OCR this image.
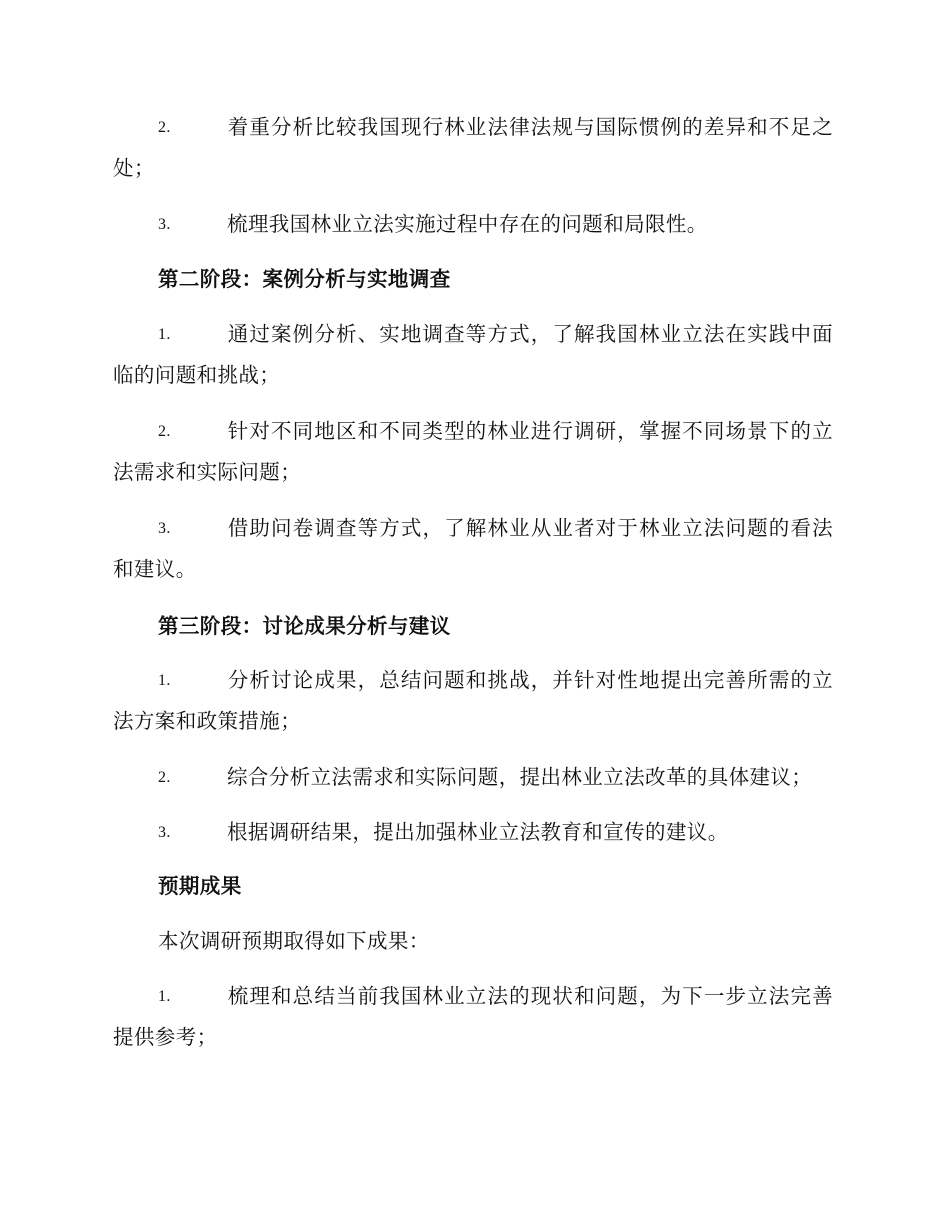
2.	着重分析比较我国现行林业法律法规与国际惯例的差异和不足之处；
3.	梳理我国林业立法实施过程中存在的问题和局限性。
第二阶段：案例分析与实地调查
1.	通过案例分析、实地调查等方式，了解我国林业立法在实践中面临的问题和挑战；
2.	针对不同地区和不同类型的林业进行调研，掌握不同场景下的立法需求和实际问题；
3.	借助问卷调查等方式，了解林业从业者对于林业立法问题的看法和建议。
第三阶段：讨论成果分析与建议
1.	分析讨论成果，总结问题和挑战，并针对性地提出完善所需的立法方案和政策措施；
2.	综合分析立法需求和实际问题，提出林业立法改革的具体建议；
3.	根据调研结果，提出加强林业立法教育和宣传的建议。
预期成果
本次调研预期取得如下成果：
1.	梳理和总结当前我国林业立法的现状和问题，为下一步立法完善提供参考；
